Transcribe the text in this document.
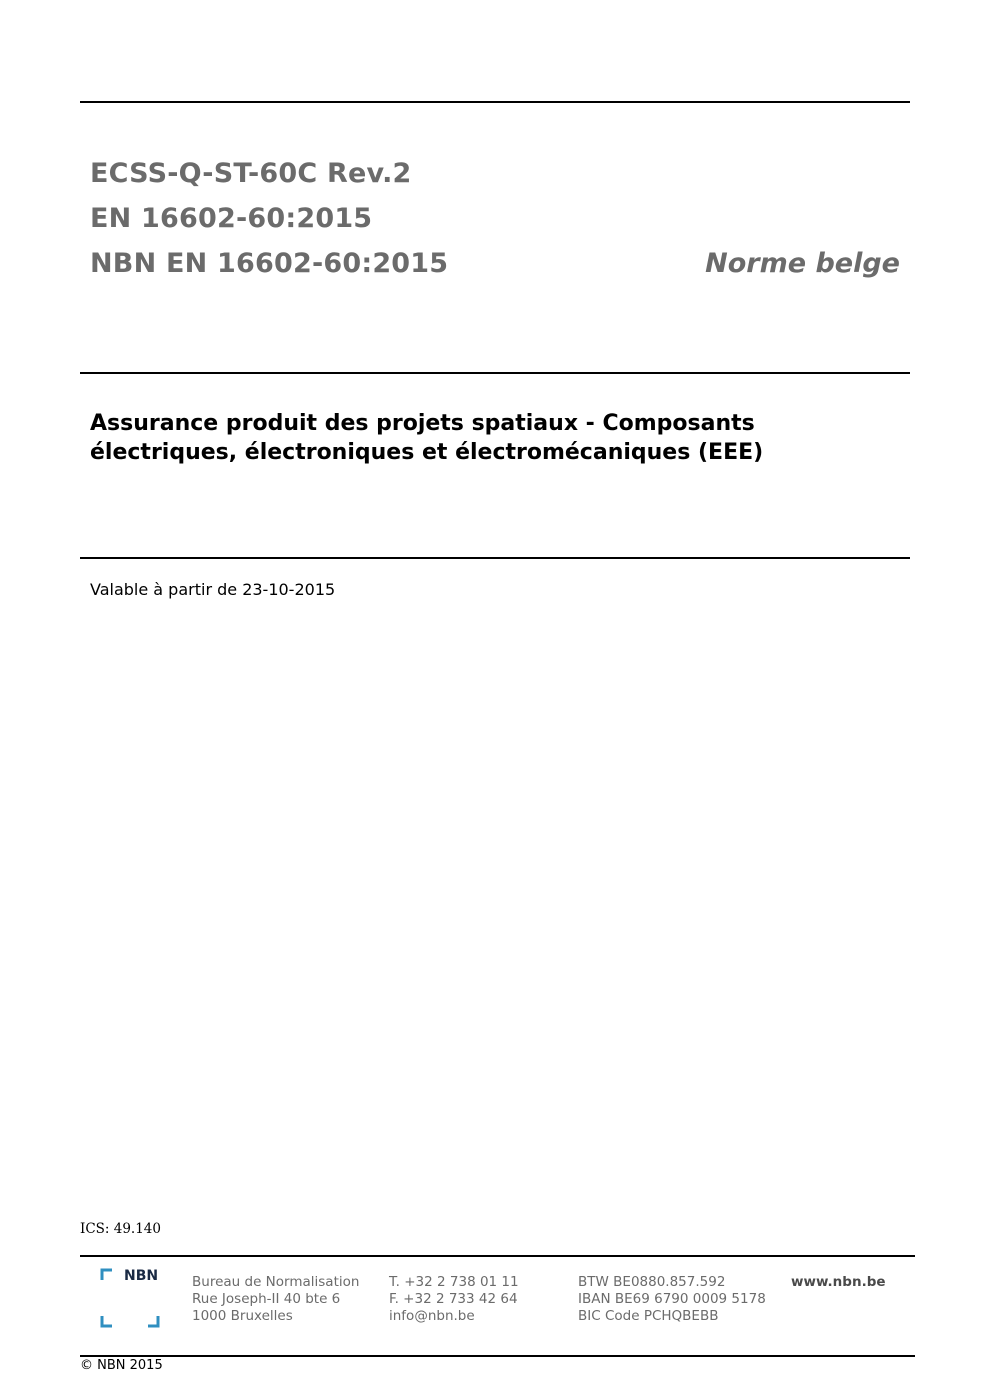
ECSS-Q-ST-60C Rev.2
EN 16602-60:2015
NBN EN 16602-60:2015	Norme belge
Assurance produit des projets spatiaux - Composants
électriques, électroniques et électromécaniques (EEE)
Valable à partir de 23-10-2015
ICS: 49.140
NBN	Bureau de Normalisation
Rue Joseph-II 40 bte 6
1000 Bruxelles
T. +32 2 738 01 11
F. +32 2 733 42 64
info@nbn.be
BTW BE0880.857.592
IBAN BE69 6790 0009 5178
BIC Code PCHQBEBB
www.nbn.be
© NBN 2015
